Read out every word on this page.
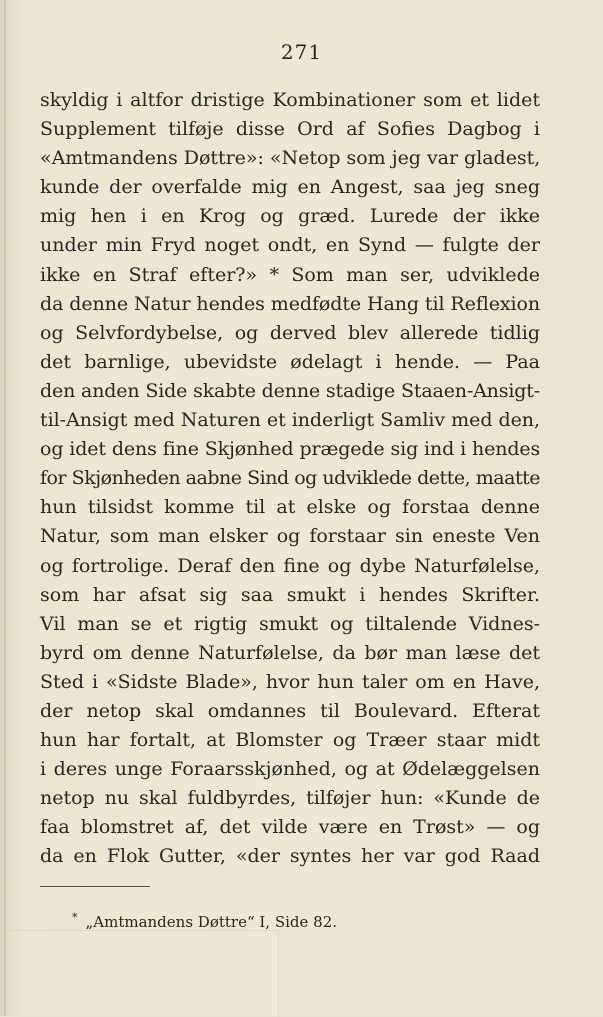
271
skyldig i altfor dristige Kombinationer som et lidet
Supplement tilføje disse Ord af Sofies Dagbog i
«Amtmandens Døttre»: «Netop som jeg var gladest,
kunde der overfalde mig en Angest, saa jeg sneg
mig hen i en Krog og græd. Lurede der ikke
under min Fryd noget ondt, en Synd — fulgte der
ikke en Straf efter?» * Som man ser, udviklede
da denne Natur hendes medfødte Hang til Reflexion
og Selvfordybelse, og derved blev allerede tidlig
det barnlige, ubevidste ødelagt i hende. — Paa
den anden Side skabte denne stadige Staaen-Ansigt-
til-Ansigt med Naturen et inderligt Samliv med den,
og idet dens fine Skjønhed prægede sig ind i hendes
for Skjønheden aabne Sind og udviklede dette, maatte
hun tilsidst komme til at elske og forstaa denne
Natur, som man elsker og forstaar sin eneste Ven
og fortrolige. Deraf den fine og dybe Naturfølelse,
som har afsat sig saa smukt i hendes Skrifter.
Vil man se et rigtig smukt og tiltalende Vidnes-
byrd om denne Naturfølelse, da bør man læse det
Sted i «Sidste Blade», hvor hun taler om en Have,
der netop skal omdannes til Boulevard. Efterat
hun har fortalt, at Blomster og Træer staar midt
i deres unge Foraarsskjønhed, og at Ødelæggelsen
netop nu skal fuldbyrdes, tilføjer hun: «Kunde de
faa blomstret af, det vilde være en Trøst» — og
da en Flok Gutter, «der syntes her var god Raad
* „Amtmandens Døttre“ I, Side 82.
